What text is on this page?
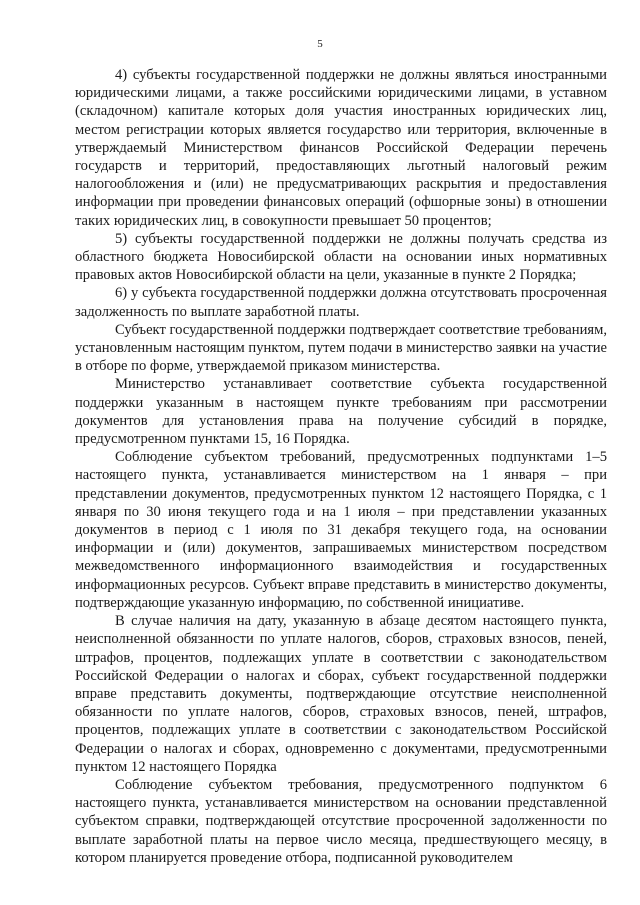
5

4) субъекты государственной поддержки не должны являться иностранными юридическими лицами, а также российскими юридическими лицами, в уставном (складочном) капитале которых доля участия иностранных юридических лиц, местом регистрации которых является государство или территория, включенные в утверждаемый Министерством финансов Российской Федерации перечень государств и территорий, предоставляющих льготный налоговый режим налогообложения и (или) не предусматривающих раскрытия и предоставления информации при проведении финансовых операций (офшорные зоны) в отношении таких юридических лиц, в совокупности превышает 50 процентов;

5) субъекты государственной поддержки не должны получать средства из областного бюджета Новосибирской области на основании иных нормативных правовых актов Новосибирской области на цели, указанные в пункте 2 Порядка;

6) у субъекта государственной поддержки должна отсутствовать просроченная задолженность по выплате заработной платы.

Субъект государственной поддержки подтверждает соответствие требованиям, установленным настоящим пунктом, путем подачи в министерство заявки на участие в отборе по форме, утверждаемой приказом министерства.

Министерство устанавливает соответствие субъекта государственной поддержки указанным в настоящем пункте требованиям при рассмотрении документов для установления права на получение субсидий в порядке, предусмотренном пунктами 15, 16 Порядка.

Соблюдение субъектом требований, предусмотренных подпунктами 1–5 настоящего пункта, устанавливается министерством на 1 января – при представлении документов, предусмотренных пунктом 12 настоящего Порядка, с 1 января по 30 июня текущего года и на 1 июля – при представлении указанных документов в период с 1 июля по 31 декабря текущего года, на основании информации и (или) документов, запрашиваемых министерством посредством межведомственного информационного взаимодействия и государственных информационных ресурсов. Субъект вправе представить в министерство документы, подтверждающие указанную информацию, по собственной инициативе.

В случае наличия на дату, указанную в абзаце десятом настоящего пункта, неисполненной обязанности по уплате налогов, сборов, страховых взносов, пеней, штрафов, процентов, подлежащих уплате в соответствии с законодательством Российской Федерации о налогах и сборах, субъект государственной поддержки вправе представить документы, подтверждающие отсутствие неисполненной обязанности по уплате налогов, сборов, страховых взносов, пеней, штрафов, процентов, подлежащих уплате в соответствии с законодательством Российской Федерации о налогах и сборах, одновременно с документами, предусмотренными пунктом 12 настоящего Порядка

Соблюдение субъектом требования, предусмотренного подпунктом 6 настоящего пункта, устанавливается министерством на основании представленной субъектом справки, подтверждающей отсутствие просроченной задолженности по выплате заработной платы на первое число месяца, предшествующего месяцу, в котором планируется проведение отбора, подписанной руководителем
